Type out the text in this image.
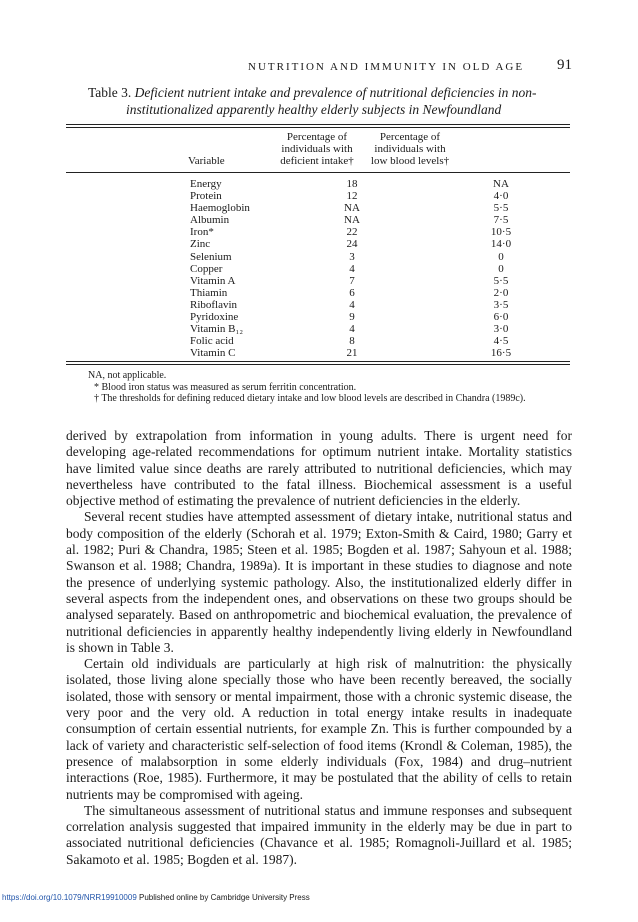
NUTRITION AND IMMUNITY IN OLD AGE 91
Table 3. Deficient nutrient intake and prevalence of nutritional deficiencies in non-
institutionalized apparently healthy elderly subjects in Newfoundland
Variable
Percentage of
individuals with
deficient intake†
Percentage of
individuals with
low blood levels†
Energy	18	NA
Protein	12	4·0
Haemoglobin	NA	5·5
Albumin	NA	7·5
Iron*	22	10·5
Zinc	24	14·0
Selenium	3	0
Copper	4	0
Vitamin A	7	5·5
Thiamin	6	2·0
Riboflavin	4	3·5
Pyridoxine	9	6·0
Vitamin B₁₂	4	3·0
Folic acid	8	4·5
Vitamin C	21	16·5
NA, not applicable.
* Blood iron status was measured as serum ferritin concentration.
† The thresholds for defining reduced dietary intake and low blood levels are described in Chandra (1989c).

derived by extrapolation from information in young adults. There is urgent need for developing age-related recommendations for optimum nutrient intake. Mortality statistics have limited value since deaths are rarely attributed to nutritional deficiencies, which may nevertheless have contributed to the fatal illness. Biochemical assessment is a useful objective method of estimating the prevalence of nutrient deficiencies in the elderly.

Several recent studies have attempted assessment of dietary intake, nutritional status and body composition of the elderly (Schorah et al. 1979; Exton-Smith & Caird, 1980; Garry et al. 1982; Puri & Chandra, 1985; Steen et al. 1985; Bogden et al. 1987; Sahyoun et al. 1988; Swanson et al. 1988; Chandra, 1989a). It is important in these studies to diagnose and note the presence of underlying systemic pathology. Also, the institutionalized elderly differ in several aspects from the independent ones, and observations on these two groups should be analysed separately. Based on anthropometric and biochemical evaluation, the prevalence of nutritional deficiencies in apparently healthy independently living elderly in Newfoundland is shown in Table 3.

Certain old individuals are particularly at high risk of malnutrition: the physically isolated, those living alone specially those who have been recently bereaved, the socially isolated, those with sensory or mental impairment, those with a chronic systemic disease, the very poor and the very old. A reduction in total energy intake results in inadequate consumption of certain essential nutrients, for example Zn. This is further compounded by a lack of variety and characteristic self-selection of food items (Krondl & Coleman, 1985), the presence of malabsorption in some elderly individuals (Fox, 1984) and drug–nutrient interactions (Roe, 1985). Furthermore, it may be postulated that the ability of cells to retain nutrients may be compromised with ageing.

The simultaneous assessment of nutritional status and immune responses and subsequent correlation analysis suggested that impaired immunity in the elderly may be due in part to associated nutritional deficiencies (Chavance et al. 1985; Romagnoli-Juillard et al. 1985; Sakamoto et al. 1985; Bogden et al. 1987).

https://doi.org/10.1079/NRR19910009 Published online by Cambridge University Press
